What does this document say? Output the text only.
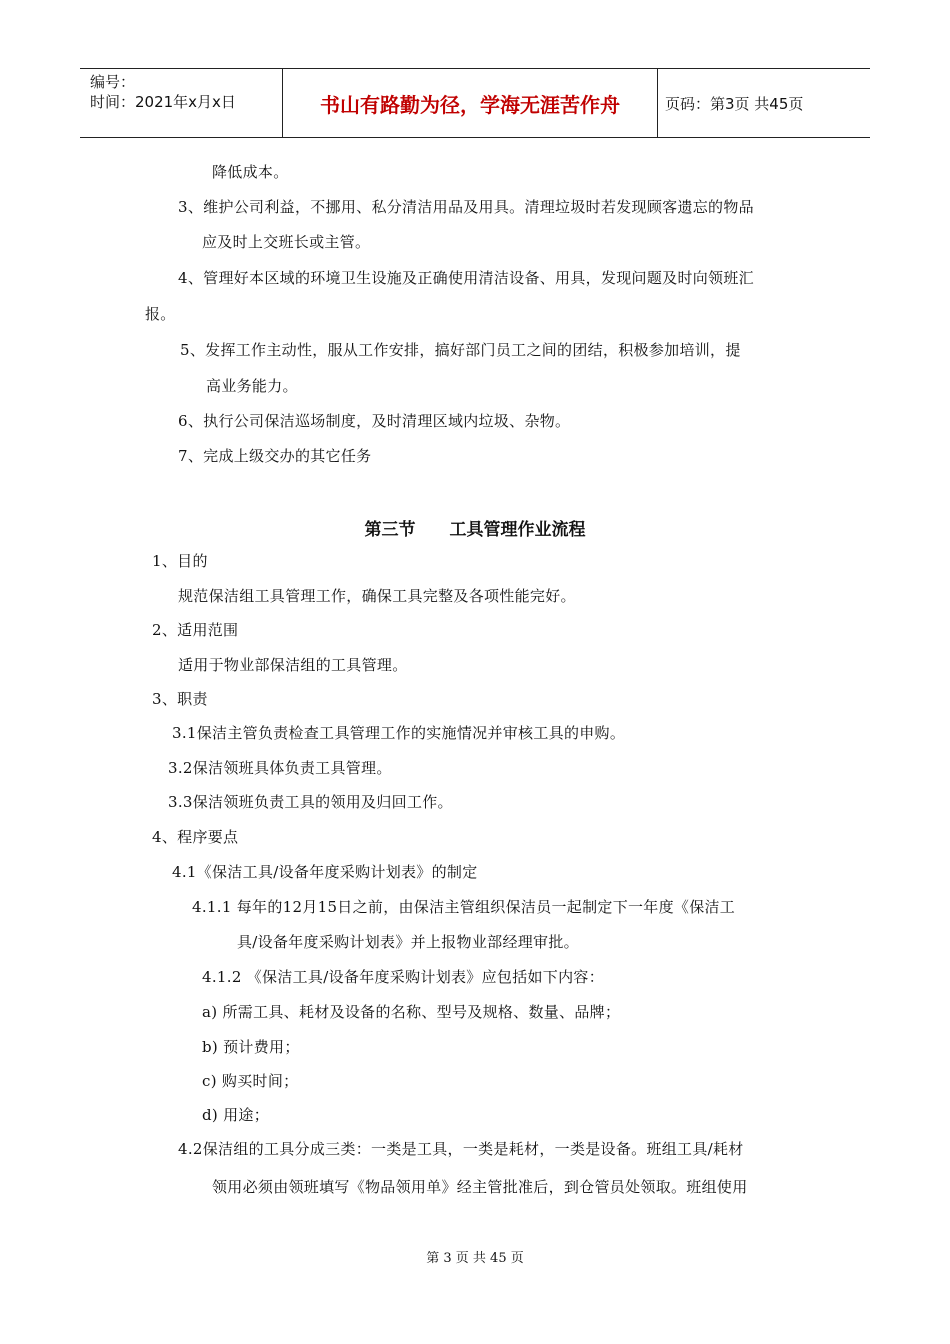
编号：
时间：2021年x月x日	书山有路勤为径，学海无涯苦作舟	页码：第3页 共45页
降低成本。
3、维护公司利益，不挪用、私分清洁用品及用具。清理垃圾时若发现顾客遗忘的物品
应及时上交班长或主管。
4、管理好本区域的环境卫生设施及正确使用清洁设备、用具，发现问题及时向领班汇
报。
5、发挥工作主动性，服从工作安排，搞好部门员工之间的团结，积极参加培训，提
高业务能力。
6、执行公司保洁巡场制度，及时清理区域内垃圾、杂物。
7、完成上级交办的其它任务
第三节 工具管理作业流程
1、目的
规范保洁组工具管理工作，确保工具完整及各项性能完好。
2、适用范围
适用于物业部保洁组的工具管理。
3、职责
3.1保洁主管负责检查工具管理工作的实施情况并审核工具的申购。
3.2保洁领班具体负责工具管理。
3.3保洁领班负责工具的领用及归回工作。
4、程序要点
4.1《保洁工具/设备年度采购计划表》的制定
4.1.1 每年的12月15日之前，由保洁主管组织保洁员一起制定下一年度《保洁工
具/设备年度采购计划表》并上报物业部经理审批。
4.1.2 《保洁工具/设备年度采购计划表》应包括如下内容：
a) 所需工具、耗材及设备的名称、型号及规格、数量、品牌；
b) 预计费用；
c) 购买时间；
d) 用途；
4.2保洁组的工具分成三类：一类是工具，一类是耗材，一类是设备。班组工具/耗材
领用必须由领班填写《物品领用单》经主管批准后，到仓管员处领取。班组使用
第 3 页 共 45 页
